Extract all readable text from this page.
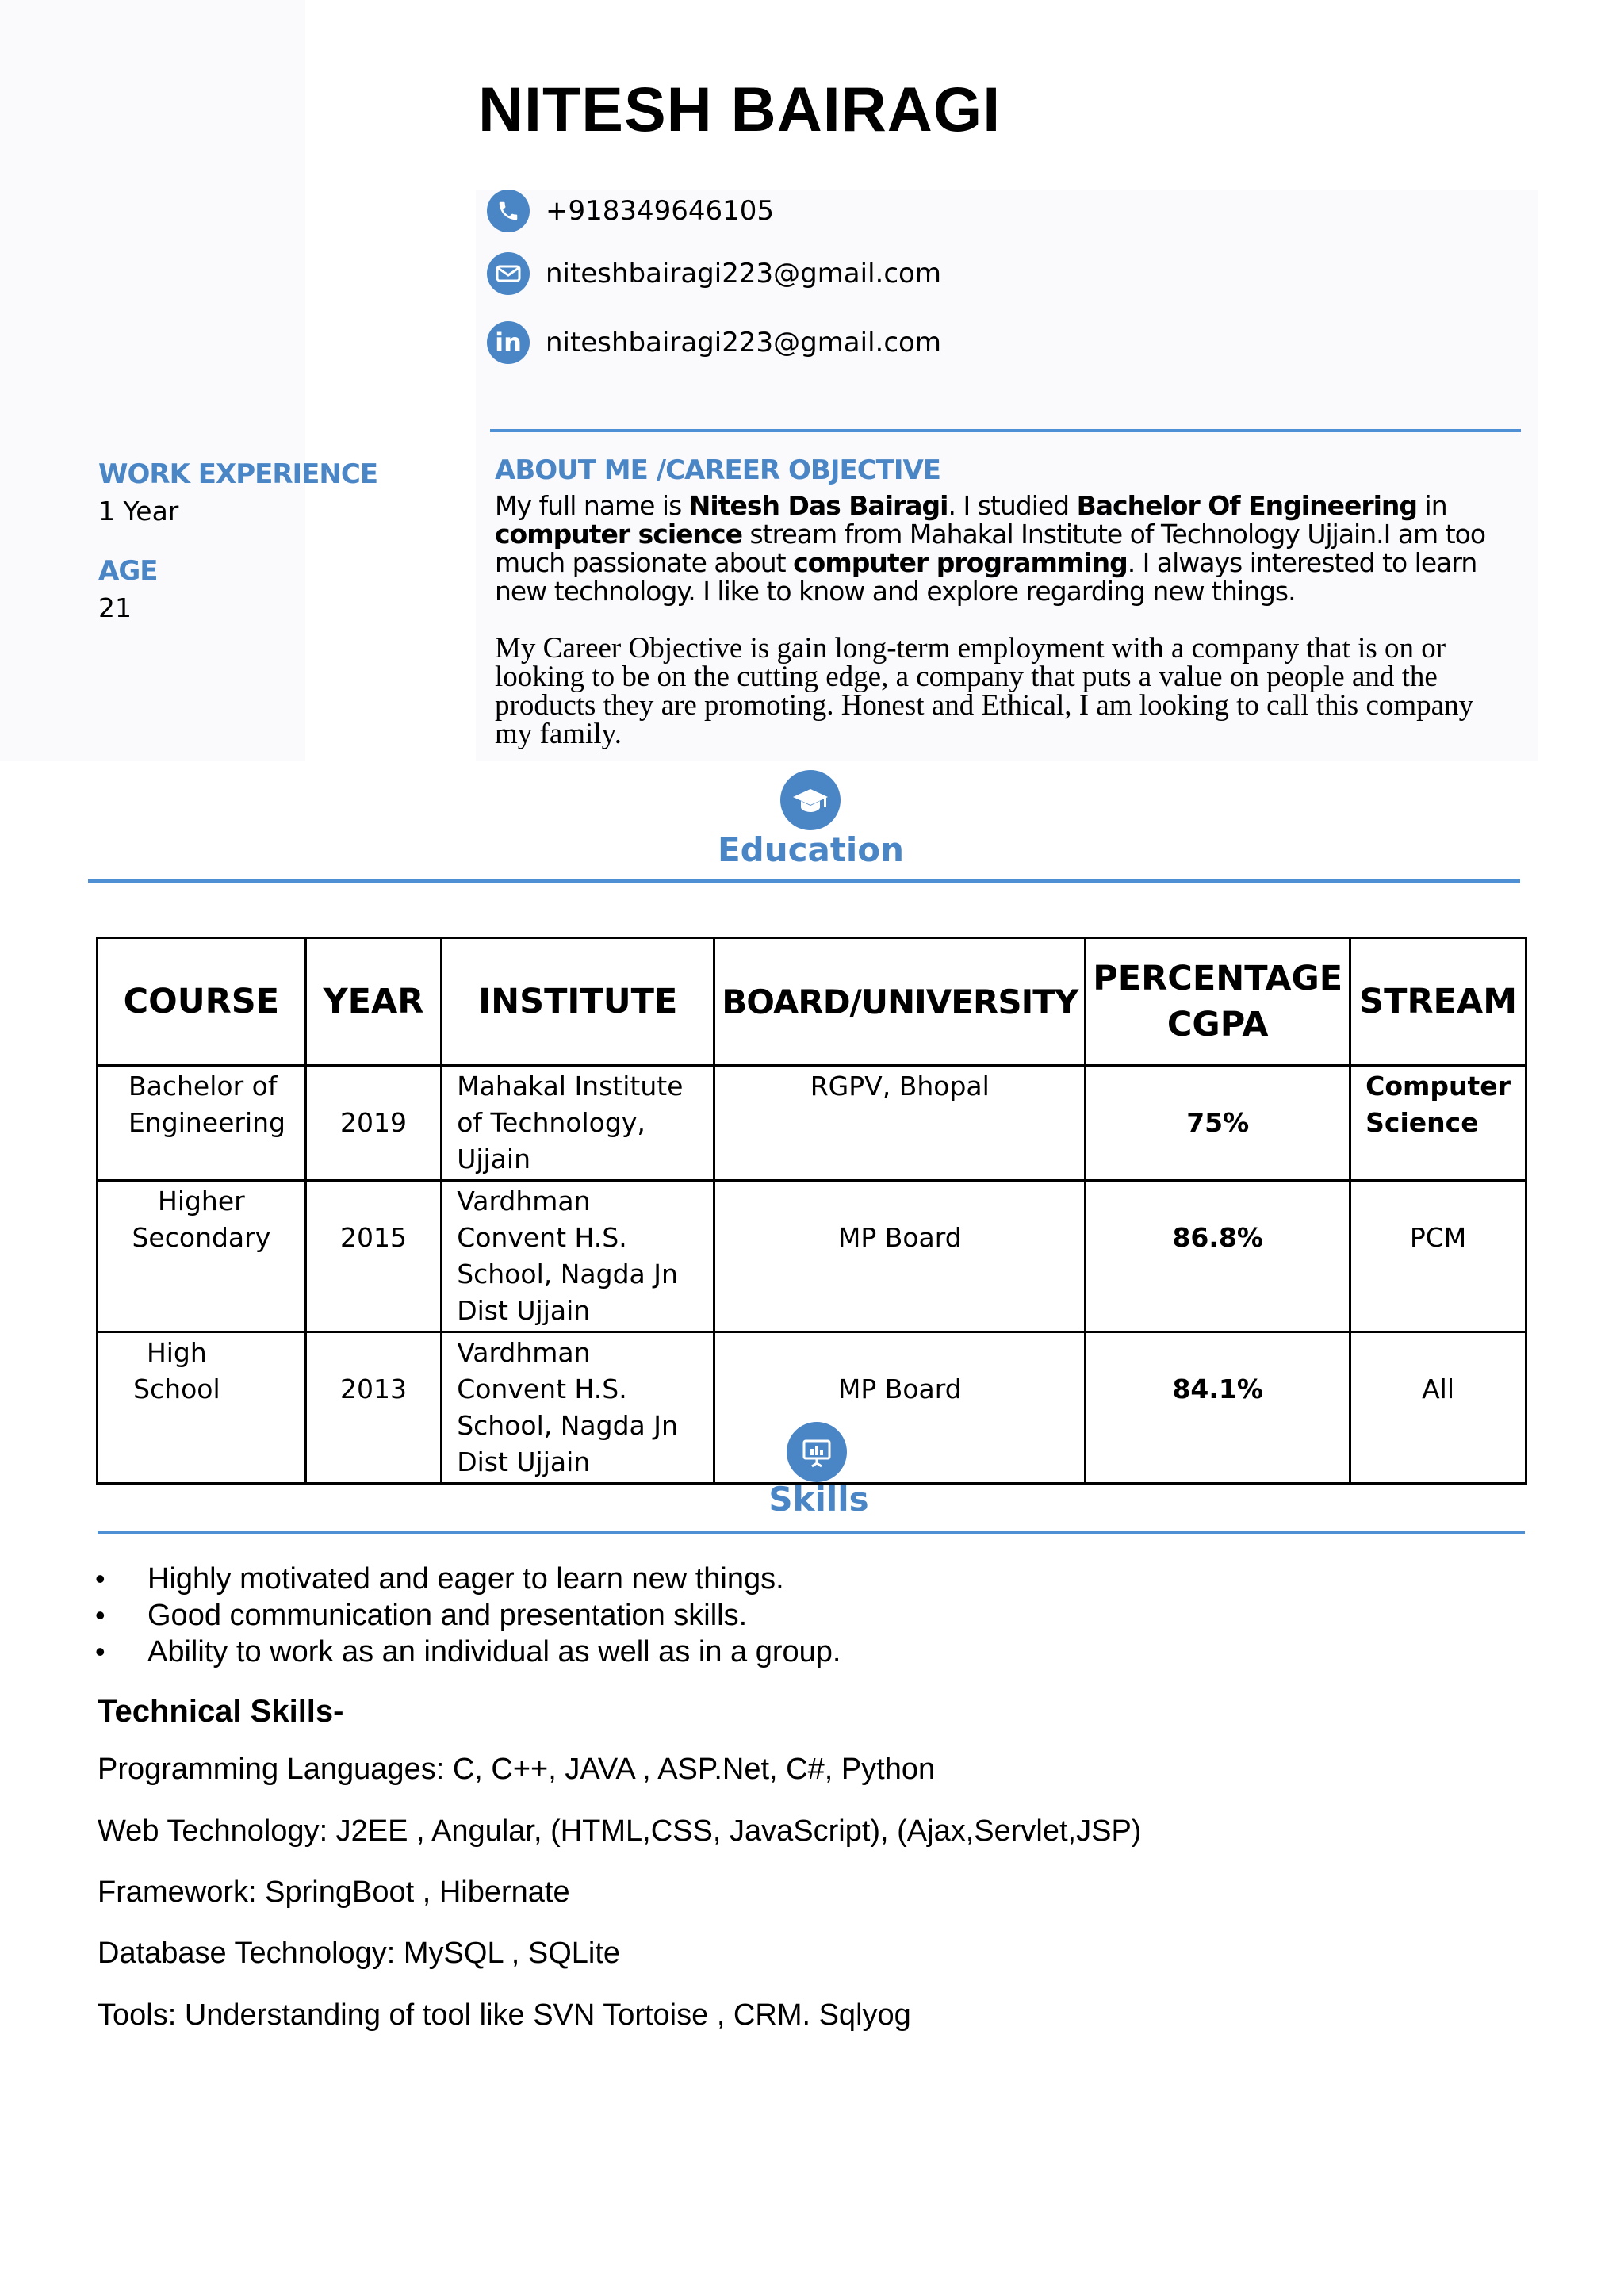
NITESH BAIRAGI
+918349646105
niteshbairagi223@gmail.com
in niteshbairagi223@gmail.com
WORK EXPERIENCE
1 Year
AGE
21
ABOUT ME /CAREER OBJECTIVE
My full name is Nitesh Das Bairagi. I studied Bachelor Of Engineering in computer science stream from Mahakal Institute of Technology Ujjain.I am too much passionate about computer programming. I always interested to learn new technology. I like to know and explore regarding new things.
My Career Objective is gain long-term employment with a company that is on or looking to be on the cutting edge, a company that puts a value on people and the products they are promoting. Honest and Ethical, I am looking to call this company my family.
Education
COURSE	YEAR	INSTITUTE	BOARD/UNIVERSITY	PERCENTAGE CGPA	STREAM
Bachelor of Engineering	2019	Mahakal Institute of Technology, Ujjain	RGPV, Bhopal	75%	Computer Science
Higher Secondary	2015	Vardhman Convent H.S. School, Nagda Jn Dist Ujjain	MP Board	86.8%	PCM
High School	2013	Vardhman Convent H.S. School, Nagda Jn Dist Ujjain	MP Board	84.1%	All
Skills
• Highly motivated and eager to learn new things.
• Good communication and presentation skills.
• Ability to work as an individual as well as in a group.
Technical Skills-
Programming Languages: C, C++, JAVA , ASP.Net, C#, Python
Web Technology: J2EE , Angular, (HTML,CSS, JavaScript), (Ajax,Servlet,JSP)
Framework: SpringBoot , Hibernate
Database Technology: MySQL , SQLite
Tools: Understanding of tool like SVN Tortoise , CRM. Sqlyog
